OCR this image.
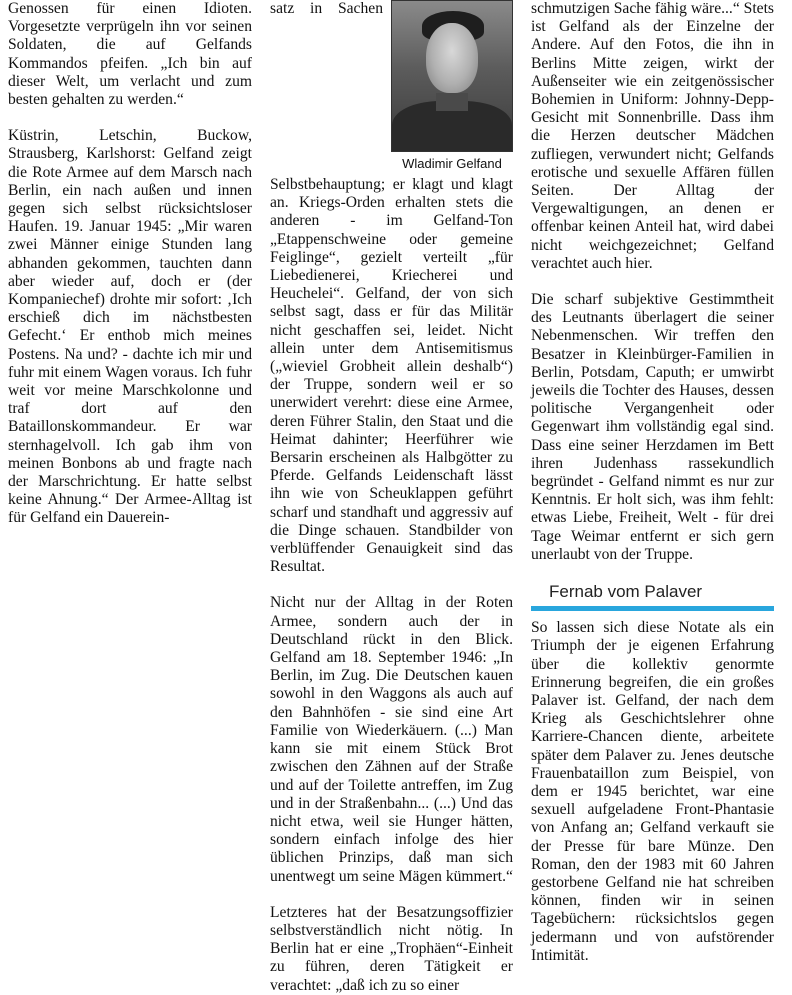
Genossen für einen Idioten. Vorgesetzte verprügeln ihn vor seinen Soldaten, die auf Gelfands Kommandos pfeifen. „Ich bin auf dieser Welt, um verlacht und zum besten gehalten zu werden.“

Küstrin, Letschin, Buckow, Strausberg, Karlshorst: Gelfand zeigt die Rote Armee auf dem Marsch nach Berlin, ein nach außen und innen gegen sich selbst rücksichtsloser Haufen. 19. Januar 1945: „Mir waren zwei Männer einige Stunden lang abhanden gekommen, tauchten dann aber wieder auf, doch er (der Kompaniechef) drohte mir sofort: ‚Ich erschieß dich im nächstbesten Gefecht.‘ Er enthob mich meines Postens. Na und? - dachte ich mir und fuhr mit einem Wagen voraus. Ich fuhr weit vor meine Marschkolonne und traf dort auf den Bataillonskommandeur. Er war sternhagelvoll. Ich gab ihm von meinen Bonbons ab und fragte nach der Marschrichtung. Er hatte selbst keine Ahnung.“ Der Armee-Alltag ist für Gelfand ein Dauerein-

Wladimir Gelfand
satz in Sachen Selbstbehauptung; er klagt und klagt an. Kriegs-Orden erhalten stets die anderen - im Gelfand-Ton „Etappenschweine oder gemeine Feiglinge“, gezielt verteilt „für Liebedienerei, Kriecherei und Heuchelei“. Gelfand, der von sich selbst sagt, dass er für das Militär nicht geschaffen sei, leidet. Nicht allein unter dem Antisemitismus („wieviel Grobheit allein deshalb“) der Truppe, sondern weil er so unerwidert verehrt: diese eine Armee, deren Führer Stalin, den Staat und die Heimat dahinter; Heerführer wie Bersarin erscheinen als Halbgötter zu Pferde. Gelfands Leidenschaft lässt ihn wie von Scheuklappen geführt scharf und standhaft und aggressiv auf die Dinge schauen. Standbilder von verblüffender Genauigkeit sind das Resultat.

Nicht nur der Alltag in der Roten Armee, sondern auch der in Deutschland rückt in den Blick. Gelfand am 18. September 1946: „In Berlin, im Zug. Die Deutschen kauen sowohl in den Waggons als auch auf den Bahnhöfen - sie sind eine Art Familie von Wiederkäuern. (...) Man kann sie mit einem Stück Brot zwischen den Zähnen auf der Straße und auf der Toilette antreffen, im Zug und in der Straßenbahn... (...) Und das nicht etwa, weil sie Hunger hätten, sondern einfach infolge des hier üblichen Prinzips, daß man sich unentwegt um seine Mägen kümmert.“

Letzteres hat der Besatzungsoffizier selbstverständlich nicht nötig. In Berlin hat er eine „Trophäen“-Einheit zu führen, deren Tätigkeit er verachtet: „daß ich zu so einer

schmutzigen Sache fähig wäre...“ Stets ist Gelfand als der Einzelne der Andere. Auf den Fotos, die ihn in Berlins Mitte zeigen, wirkt der Außenseiter wie ein zeitgenössischer Bohemien in Uniform: Johnny-Depp-Gesicht mit Sonnenbrille. Dass ihm die Herzen deutscher Mädchen zufliegen, verwundert nicht; Gelfands erotische und sexuelle Affären füllen Seiten. Der Alltag der Vergewaltigungen, an denen er offenbar keinen Anteil hat, wird dabei nicht weichgezeichnet; Gelfand verachtet auch hier.

Die scharf subjektive Gestimmtheit des Leutnants überlagert die seiner Nebenmenschen. Wir treffen den Besatzer in Kleinbürger-Familien in Berlin, Potsdam, Caputh; er umwirbt jeweils die Tochter des Hauses, dessen politische Vergangenheit oder Gegenwart ihm vollständig egal sind. Dass eine seiner Herzdamen im Bett ihren Judenhass rassekundlich begründet - Gelfand nimmt es nur zur Kenntnis. Er holt sich, was ihm fehlt: etwas Liebe, Freiheit, Welt - für drei Tage Weimar entfernt er sich gern unerlaubt von der Truppe.

Fernab vom Palaver

So lassen sich diese Notate als ein Triumph der je eigenen Erfahrung über die kollektiv genormte Erinnerung begreifen, die ein großes Palaver ist. Gelfand, der nach dem Krieg als Geschichtslehrer ohne Karriere-Chancen diente, arbeitete später dem Palaver zu. Jenes deutsche Frauenbataillon zum Beispiel, von dem er 1945 berichtet, war eine sexuell aufgeladene Front-Phantasie von Anfang an; Gelfand verkauft sie der Presse für bare Münze. Den Roman, den der 1983 mit 60 Jahren gestorbene Gelfand nie hat schreiben können, finden wir in seinen Tagebüchern: rücksichtslos gegen jedermann und von aufstörender Intimität.
